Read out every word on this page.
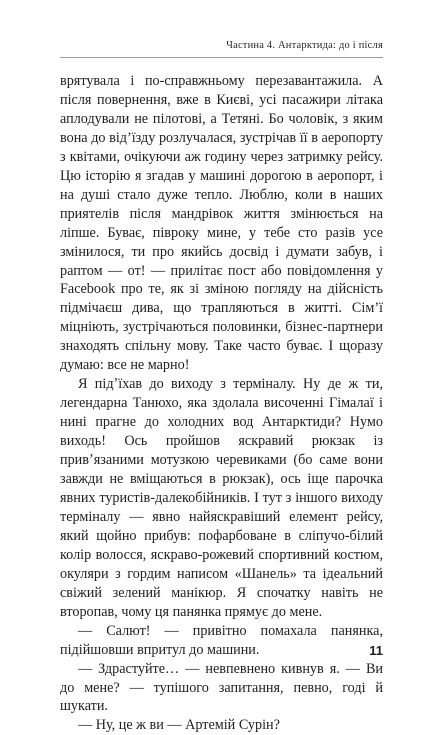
Частина 4. Антарктида: до і після

врятувала і по-справжньому перезавантажила. А після повернення, вже в Києві, усі пасажири літака аплодували не пілотові, а Тетяні. Бо чоловік, з яким вона до від’їзду розлучалася, зустрічав її в аеропорту з квітами, очікуючи аж годину через затримку рейсу. Цю історію я згадав у машині дорогою в аеропорт, і на душі стало дуже тепло. Люблю, коли в наших приятелів після мандрівок життя змінюється на ліпше. Буває, півроку мине, у тебе сто разів усе змінилося, ти про якийсь досвід і думати забув, і раптом — от! — прилітає пост або повідомлення у Facebook про те, як зі зміною погляду на дійсність підмічаєш дива, що трапляються в житті. Сім’ї міцніють, зустрічаються половинки, бізнес-партнери знаходять спільну мову. Таке часто буває. І щоразу думаю: все не марно!

Я підʼїхав до виходу з терміналу. Ну де ж ти, легендарна Танюхо, яка здолала височенні Гімалаї і нині прагне до холодних вод Антарктиди? Нумо виходь! Ось пройшов яскравий рюкзак із привʼязаними мотузкою черевиками (бо саме вони завжди не вміщаються в рюкзак), ось іще парочка явних туристів-далекобійників. І тут з іншого виходу терміналу — явно найяскравіший елемент рейсу, який щойно прибув: пофарбоване в сліпучо-білий колір волосся, яскраво-рожевий спортивний костюм, окуляри з гордим написом «Шанель» та ідеальний свіжий зелений манікюр. Я спочатку навіть не второпав, чому ця панянка прямує до мене.

— Салют! — привітно помахала панянка, підійшовши впритул до машини.

— Здрастуйте… — невпевнено кивнув я. — Ви до мене? — тупішого запитання, певно, годі й шукати.

— Ну, це ж ви — Артемій Сурін?

11
